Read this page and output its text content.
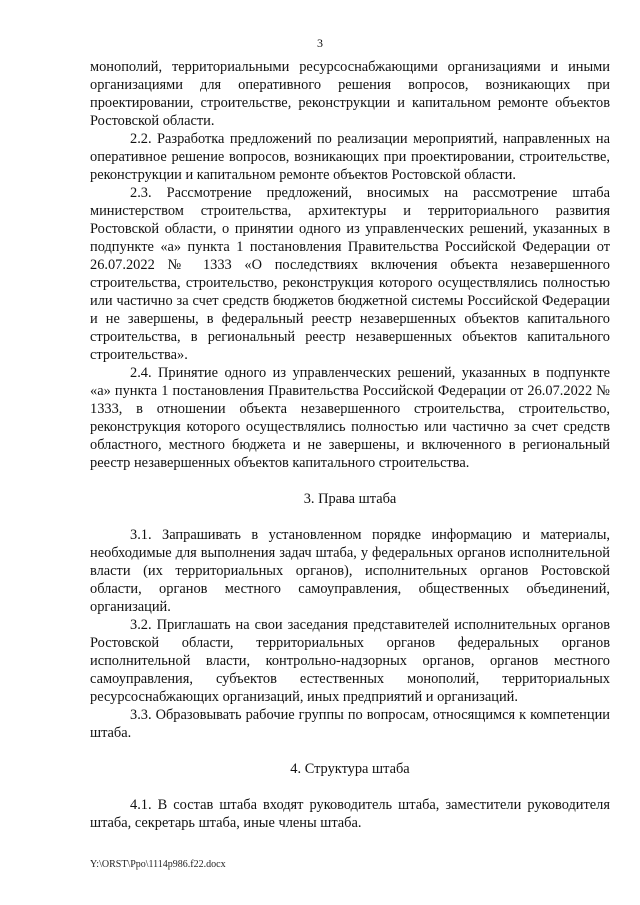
3

монополий, территориальными ресурсоснабжающими организациями и иными организациями для оперативного решения вопросов, возникающих при проектировании, строительстве, реконструкции и капитальном ремонте объектов Ростовской области.

2.2. Разработка предложений по реализации мероприятий, направленных на оперативное решение вопросов, возникающих при проектировании, строительстве, реконструкции и капитальном ремонте объектов Ростовской области.

2.3. Рассмотрение предложений, вносимых на рассмотрение штаба министерством строительства, архитектуры и территориального развития Ростовской области, о принятии одного из управленческих решений, указанных в подпункте «а» пункта 1 постановления Правительства Российской Федерации от 26.07.2022 № 1333 «О последствиях включения объекта незавершенного строительства, строительство, реконструкция которого осуществлялись полностью или частично за счет средств бюджетов бюджетной системы Российской Федерации и не завершены, в федеральный реестр незавершенных объектов капитального строительства, в региональный реестр незавершенных объектов капитального строительства».

2.4. Принятие одного из управленческих решений, указанных в подпункте «а» пункта 1 постановления Правительства Российской Федерации от 26.07.2022 № 1333, в отношении объекта незавершенного строительства, строительство, реконструкция которого осуществлялись полностью или частично за счет средств областного, местного бюджета и не завершены, и включенного в региональный реестр незавершенных объектов капитального строительства.

3. Права штаба

3.1. Запрашивать в установленном порядке информацию и материалы, необходимые для выполнения задач штаба, у федеральных органов исполнительной власти (их территориальных органов), исполнительных органов Ростовской области, органов местного самоуправления, общественных объединений, организаций.

3.2. Приглашать на свои заседания представителей исполнительных органов Ростовской области, территориальных органов федеральных органов исполнительной власти, контрольно-надзорных органов, органов местного самоуправления, субъектов естественных монополий, территориальных ресурсоснабжающих организаций, иных предприятий и организаций.

3.3. Образовывать рабочие группы по вопросам, относящимся к компетенции штаба.

4. Структура штаба

4.1. В состав штаба входят руководитель штаба, заместители руководителя штаба, секретарь штаба, иные члены штаба.

Y:\ORST\Ppo\1114p986.f22.docx
